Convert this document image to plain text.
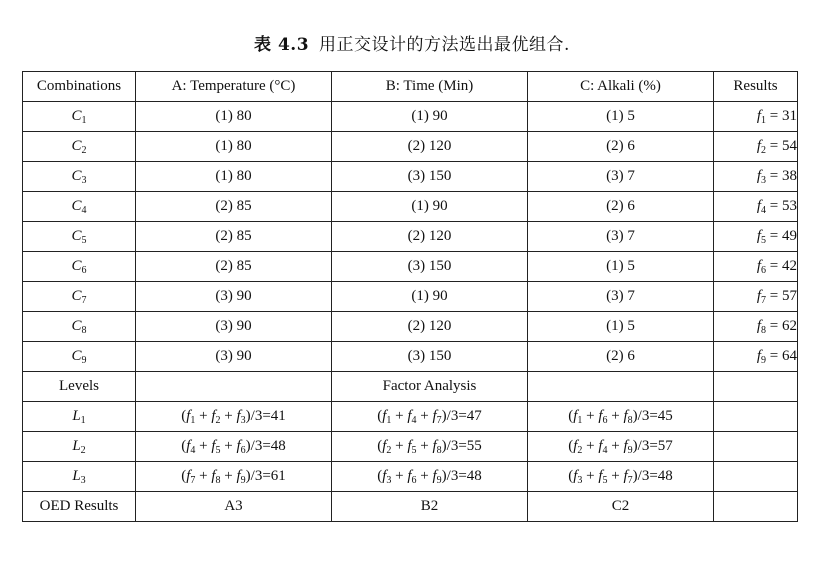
表 4.3 用正交设计的方法选出最优组合.
Combinations	A: Temperature (°C)	B: Time (Min)	C: Alkali (%)	Results
$C_1$	(1) 80	(1) 90	(1) 5	$f_1 = 31$
$C_2$	(1) 80	(2) 120	(2) 6	$f_2 = 54$
$C_3$	(1) 80	(3) 150	(3) 7	$f_3 = 38$
$C_4$	(2) 85	(1) 90	(2) 6	$f_4 = 53$
$C_5$	(2) 85	(2) 120	(3) 7	$f_5 = 49$
$C_6$	(2) 85	(3) 150	(1) 5	$f_6 = 42$
$C_7$	(3) 90	(1) 90	(3) 7	$f_7 = 57$
$C_8$	(3) 90	(2) 120	(1) 5	$f_8 = 62$
$C_9$	(3) 90	(3) 150	(2) 6	$f_9 = 64$
Levels		Factor Analysis		
$L_1$	$(f_1 + f_2 + f_3)/3=41$	$(f_1 + f_4 + f_7)/3=47$	$(f_1 + f_6 + f_8)/3=45$	
$L_2$	$(f_4 + f_5 + f_6)/3=48$	$(f_2 + f_5 + f_8)/3=55$	$(f_2 + f_4 + f_9)/3=57$	
$L_3$	$(f_7 + f_8 + f_9)/3=61$	$(f_3 + f_6 + f_9)/3=48$	$(f_3 + f_5 + f_7)/3=48$	
OED Results	A3	B2	C2	
